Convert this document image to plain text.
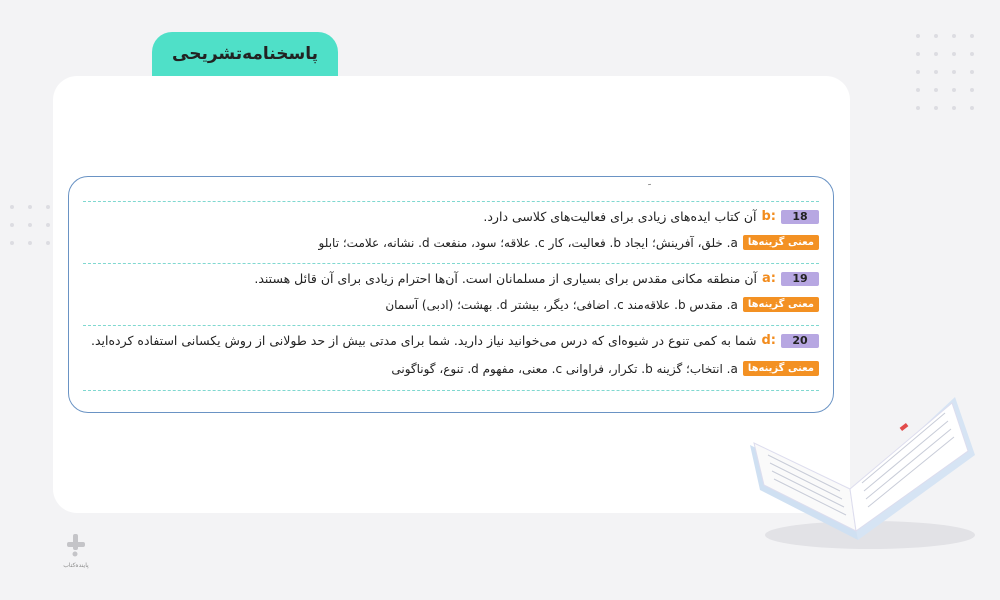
پاسخنامه‌تشریحی
18
b:
آن کتاب ایده‌های زیادی برای فعالیت‌های کلاسی دارد.
معنی گزینه‌ها
a. خلق، آفرینش؛ ایجاد b. فعالیت، کار c. علاقه؛ سود، منفعت d. نشانه، علامت؛ تابلو
19
a:
آن منطقه مکانی مقدس برای بسیاری از مسلمانان است. آن‌ها احترام زیادی برای آن قائل هستند.
معنی گزینه‌ها
a. مقدس b. علاقه‌مند c. اضافی؛ دیگر، بیشتر d. بهشت؛ (ادبی) آسمان
20
d:
شما به کمی تنوع در شیوه‌ای که درس می‌خوانید نیاز دارید. شما برای مدتی بیش از حد طولانی از روش یکسانی استفاده کرده‌اید.
معنی گزینه‌ها
a. انتخاب؛ گزینه b. تکرار، فراوانی c. معنی، مفهوم d. تنوع، گوناگونی
پاینده‌کتاب
